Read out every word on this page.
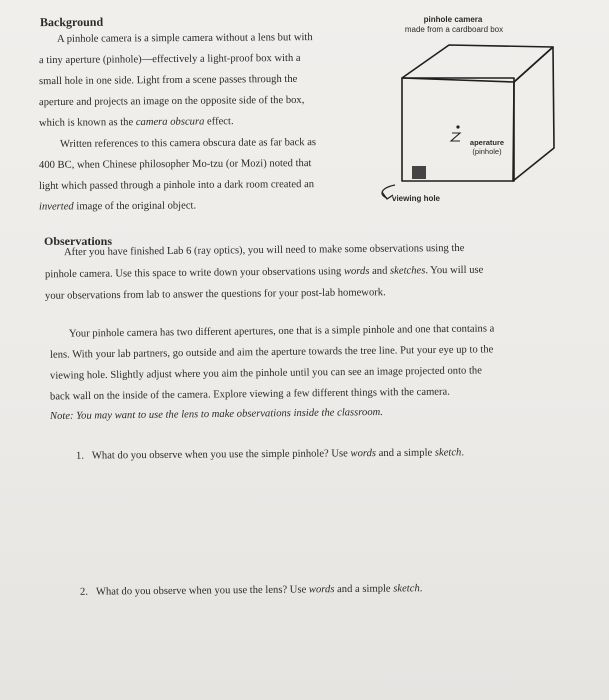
Background
A pinhole camera is a simple camera without a lens but with
a tiny aperture (pinhole)—effectively a light-proof box with a
small hole in one side. Light from a scene passes through the
aperture and projects an image on the opposite side of the box,
which is known as the camera obscura effect.
Written references to this camera obscura date as far back as
400 BC, when Chinese philosopher Mo-tzu (or Mozi) noted that
light which passed through a pinhole into a dark room created an
inverted image of the original object.
pinhole camera
made from a cardboard box
aperature
(pinhole)
viewing hole
Observations
After you have finished Lab 6 (ray optics), you will need to make some observations using the
pinhole camera. Use this space to write down your observations using words and sketches. You will use
your observations from lab to answer the questions for your post-lab homework.
Your pinhole camera has two different apertures, one that is a simple pinhole and one that contains a
lens. With your lab partners, go outside and aim the aperture towards the tree line. Put your eye up to the
viewing hole. Slightly adjust where you aim the pinhole until you can see an image projected onto the
back wall on the inside of the camera. Explore viewing a few different things with the camera.
Note: You may want to use the lens to make observations inside the classroom.
1. What do you observe when you use the simple pinhole? Use words and a simple sketch.
2. What do you observe when you use the lens? Use words and a simple sketch.
